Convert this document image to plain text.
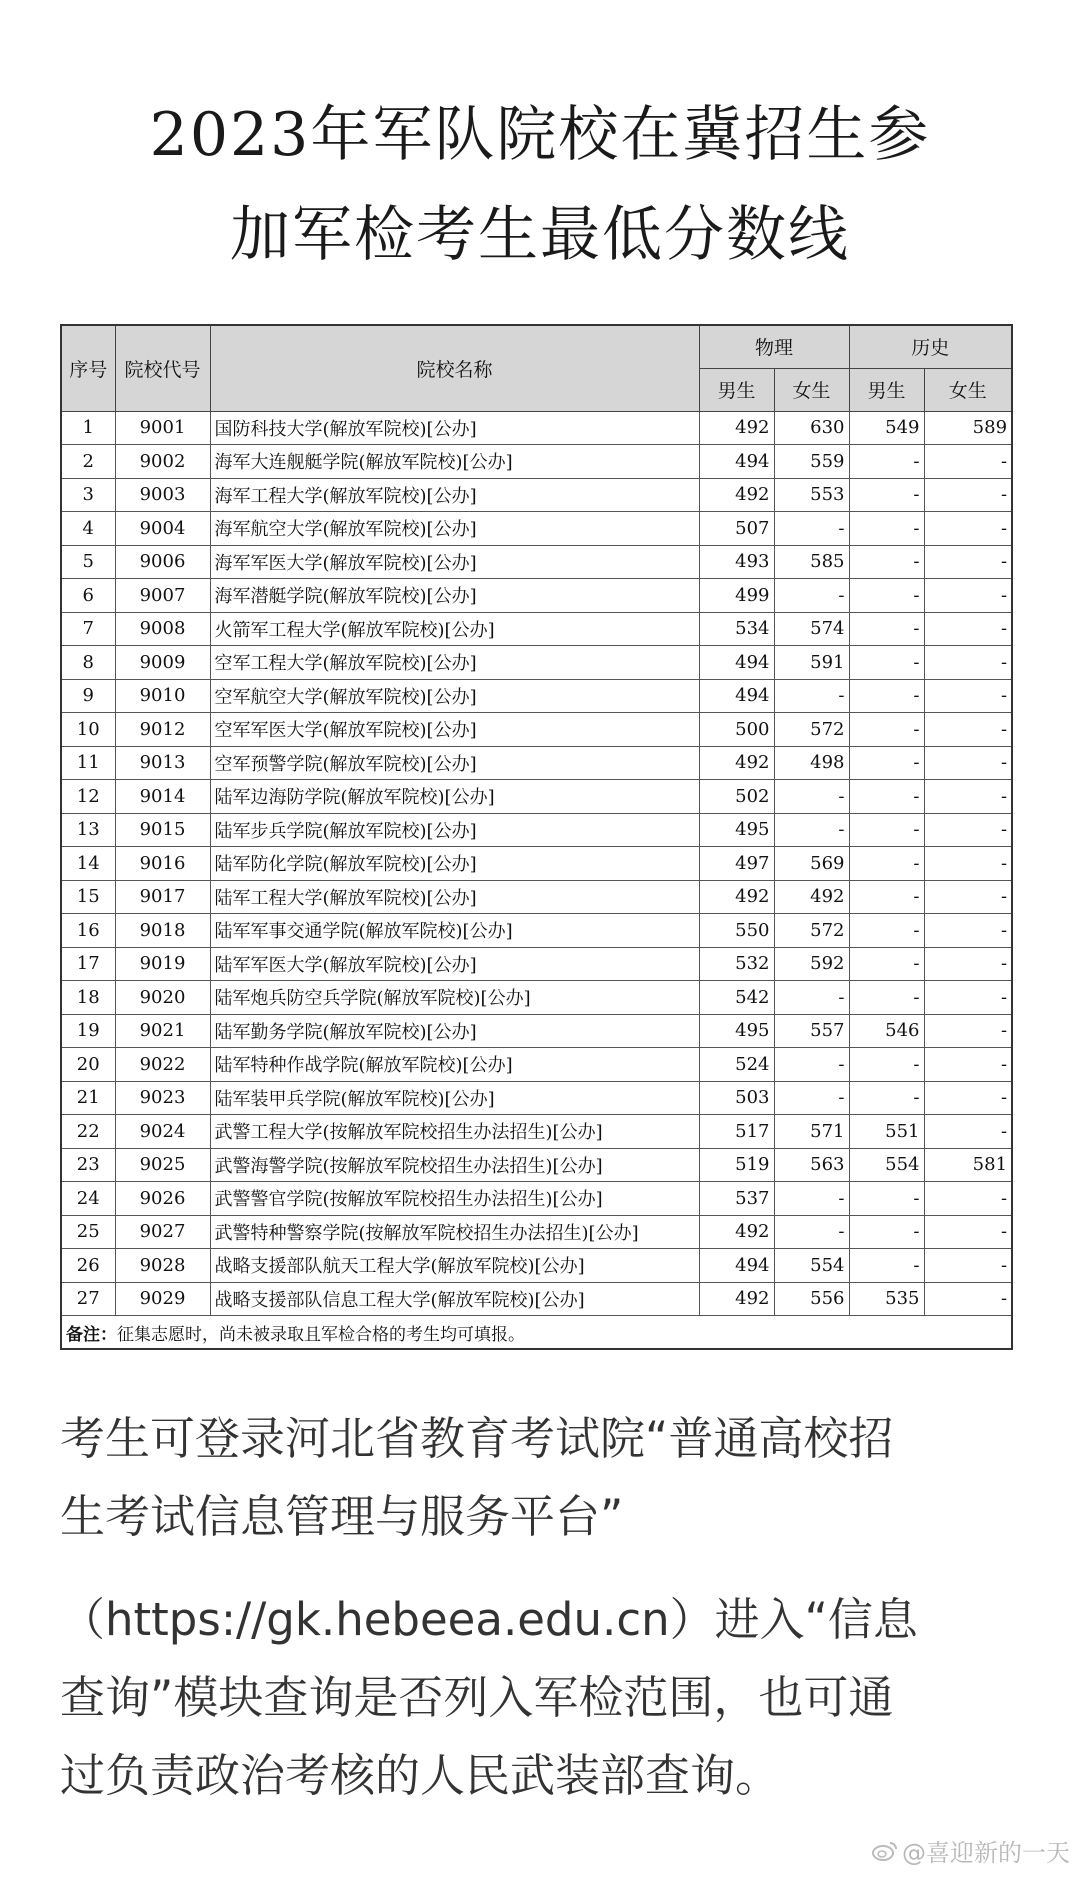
2023年军队院校在冀招生参
加军检考生最低分数线
序号	院校代号	院校名称	物理		历史	
			男生	女生	男生	女生
1	9001	国防科技大学(解放军院校)[公办]	492	630	549	589
2	9002	海军大连舰艇学院(解放军院校)[公办]	494	559	-	-
3	9003	海军工程大学(解放军院校)[公办]	492	553	-	-
4	9004	海军航空大学(解放军院校)[公办]	507	-	-	-
5	9006	海军军医大学(解放军院校)[公办]	493	585	-	-
6	9007	海军潜艇学院(解放军院校)[公办]	499	-	-	-
7	9008	火箭军工程大学(解放军院校)[公办]	534	574	-	-
8	9009	空军工程大学(解放军院校)[公办]	494	591	-	-
9	9010	空军航空大学(解放军院校)[公办]	494	-	-	-
10	9012	空军军医大学(解放军院校)[公办]	500	572	-	-
11	9013	空军预警学院(解放军院校)[公办]	492	498	-	-
12	9014	陆军边海防学院(解放军院校)[公办]	502	-	-	-
13	9015	陆军步兵学院(解放军院校)[公办]	495	-	-	-
14	9016	陆军防化学院(解放军院校)[公办]	497	569	-	-
15	9017	陆军工程大学(解放军院校)[公办]	492	492	-	-
16	9018	陆军军事交通学院(解放军院校)[公办]	550	572	-	-
17	9019	陆军军医大学(解放军院校)[公办]	532	592	-	-
18	9020	陆军炮兵防空兵学院(解放军院校)[公办]	542	-	-	-
19	9021	陆军勤务学院(解放军院校)[公办]	495	557	546	-
20	9022	陆军特种作战学院(解放军院校)[公办]	524	-	-	-
21	9023	陆军装甲兵学院(解放军院校)[公办]	503	-	-	-
22	9024	武警工程大学(按解放军院校招生办法招生)[公办]	517	571	551	-
23	9025	武警海警学院(按解放军院校招生办法招生)[公办]	519	563	554	581
24	9026	武警警官学院(按解放军院校招生办法招生)[公办]	537	-	-	-
25	9027	武警特种警察学院(按解放军院校招生办法招生)[公办]	492	-	-	-
26	9028	战略支援部队航天工程大学(解放军院校)[公办]	494	554	-	-
27	9029	战略支援部队信息工程大学(解放军院校)[公办]	492	556	535	-
备注：征集志愿时，尚未被录取且军检合格的考生均可填报。						
考生可登录河北省教育考试院“普通高校招
生考试信息管理与服务平台”
（https://gk.hebeea.edu.cn）进入“信息
查询”模块查询是否列入军检范围，也可通
过负责政治考核的人民武装部查询。
@喜迎新的一天
